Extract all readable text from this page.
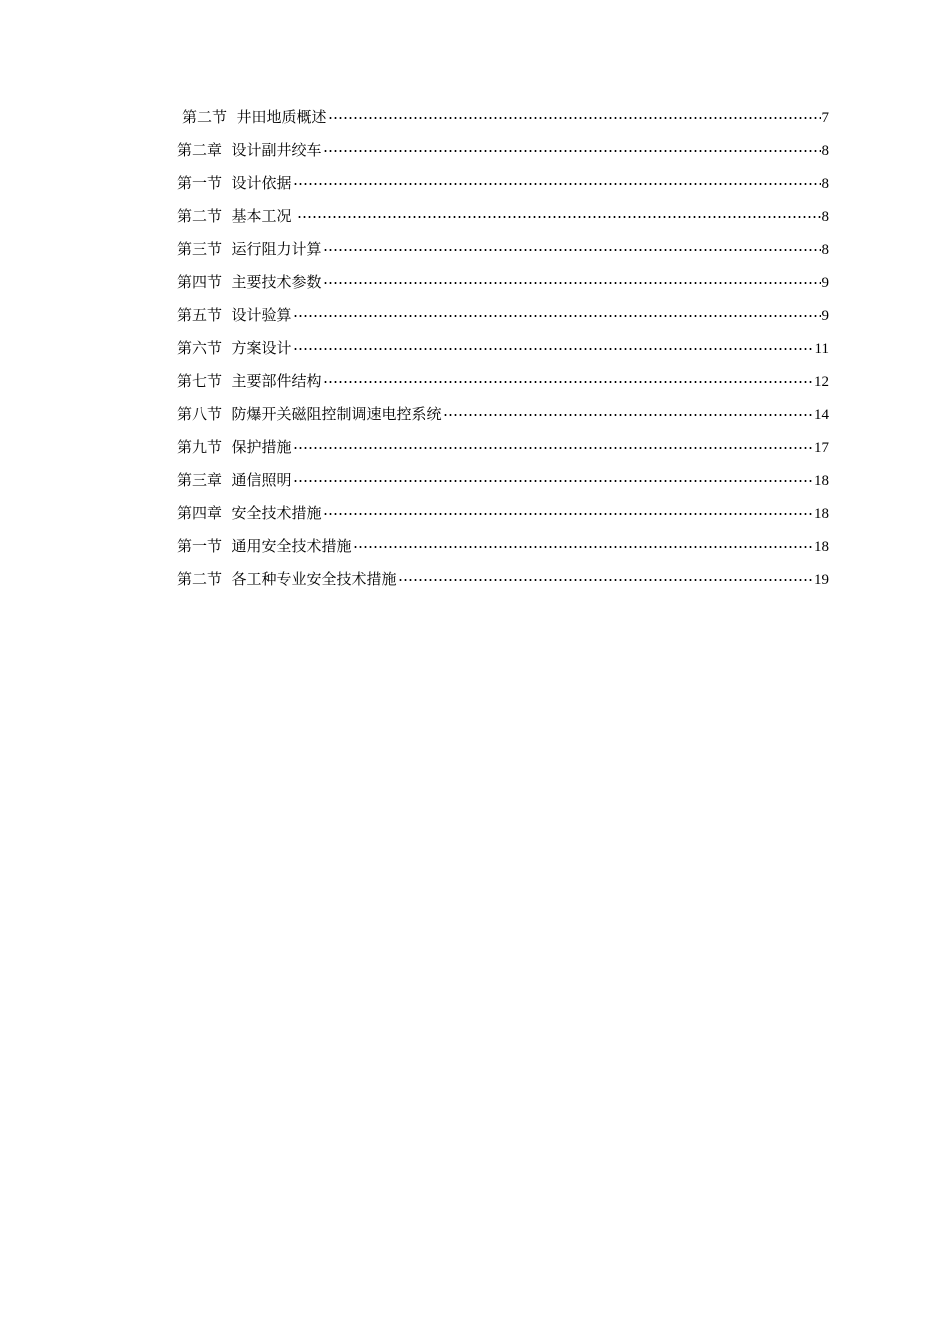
第二节  井田地质概述	7
第二章  设计副井绞车	8
第一节  设计依据	8
第二节  基本工况	8
第三节  运行阻力计算	8
第四节  主要技术参数	9
第五节  设计验算	9
第六节  方案设计	11
第七节  主要部件结构	12
第八节  防爆开关磁阻控制调速电控系统	14
第九节  保护措施	17
第三章  通信照明	18
第四章  安全技术措施	18
第一节  通用安全技术措施	18
第二节  各工种专业安全技术措施	19
